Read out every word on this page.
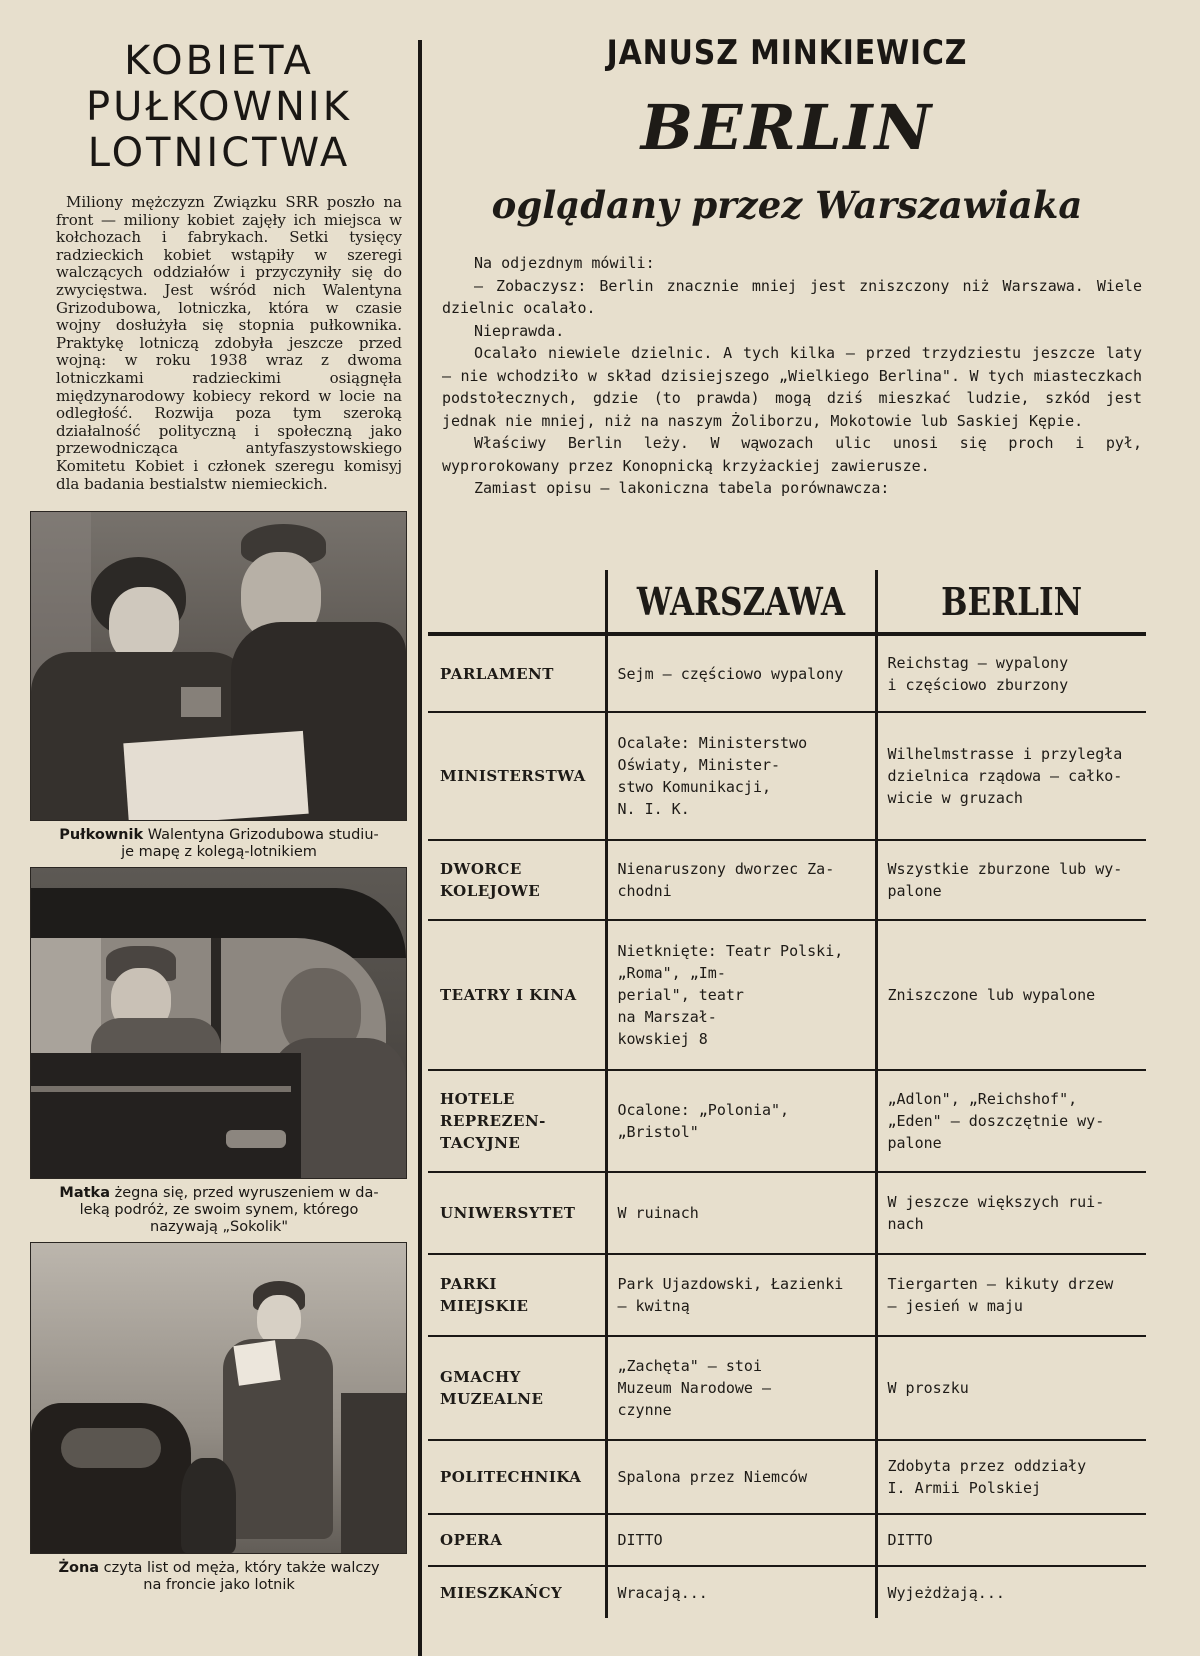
KOBIETA
PUŁKOWNIK
LOTNICTWA

Miliony mężczyzn Związku SRR poszło na front — miliony kobiet zajęły ich miejsca w kołchozach i fabrykach. Setki tysięcy radzieckich kobiet wstąpiły w szeregi walczących oddziałów i przyczyniły się do zwycięstwa. Jest wśród nich Walentyna Grizodubowa, lotniczka, która w czasie wojny dosłużyła się stopnia pułkownika. Praktykę lotniczą zdobyła jeszcze przed wojną: w roku 1938 wraz z dwoma lotniczkami radzieckimi osiągnęła międzynarodowy kobiecy rekord w locie na odległość. Rozwija poza tym szeroką działalność polityczną i społeczną jako przewodnicząca antyfaszystowskiego Komitetu Kobiet i członek szeregu komisyj dla badania bestialstw niemieckich.

Pułkownik Walentyna Grizodubowa studiu-
je mapę z kolegą-lotnikiem
Matka żegna się, przed wyruszeniem w da-
leką podróż, ze swoim synem, którego
nazywają „Sokolik"
Żona czyta list od męża, który także walczy
na froncie jako lotnik
JANUSZ MINKIEWICZ
BERLIN
oglądany przez Warszawiaka

Na odjezdnym mówili:

— Zobaczysz: Berlin znacznie mniej jest zniszczony niż Warszawa. Wiele dzielnic ocalało.

Nieprawda.

Ocalało niewiele dzielnic. A tych kilka — przed trzydziestu jeszcze laty — nie wchodziło w skład dzisiejszego „Wielkiego Berlina". W tych miasteczkach podstołecznych, gdzie (to prawda) mogą dziś mieszkać ludzie, szkód jest jednak nie mniej, niż na naszym Żoliborzu, Mokotowie lub Saskiej Kępie.

Właściwy Berlin leży. W wąwozach ulic unosi się proch i pył, wyprorokowany przez Konopnicką krzyżackiej zawierusze.

Zamiast opisu — lakoniczna tabela porównawcza:

	WARSZAWA	BERLIN
PARLAMENT	Sejm — częściowo wypalony	Reichstag — wypalony
i częściowo zburzony
MINISTERSTWA	Ocalałe: Ministerstwo
Oświaty, Minister-
stwo Komunikacji,
N. I. K.	Wilhelmstrasse i przyległa
dzielnica rządowa — całko-
wicie w gruzach
DWORCE
KOLEJOWE	Nienaruszony dworzec Za-
chodni	Wszystkie zburzone lub wy-
palone
TEATRY I KINA	Nietknięte: Teatr Polski,
„Roma", „Im-
perial", teatr
na Marszał-
kowskiej 8	Zniszczone lub wypalone
HOTELE
REPREZEN-
TACYJNE	Ocalone: „Polonia",
„Bristol"	„Adlon", „Reichshof",
„Eden" — doszczętnie wy-
palone
UNIWERSYTET	W ruinach	W jeszcze większych rui-
nach
PARKI
MIEJSKIE	Park Ujazdowski, Łazienki
— kwitną	Tiergarten — kikuty drzew
— jesień w maju
GMACHY
MUZEALNE	„Zachęta" — stoi
Muzeum Narodowe —
czynne	W proszku
POLITECHNIKA	Spalona przez Niemców	Zdobyta przez oddziały
I. Armii Polskiej
OPERA	DITTO	DITTO
MIESZKAŃCY	Wracają...	Wyjeżdżają...
